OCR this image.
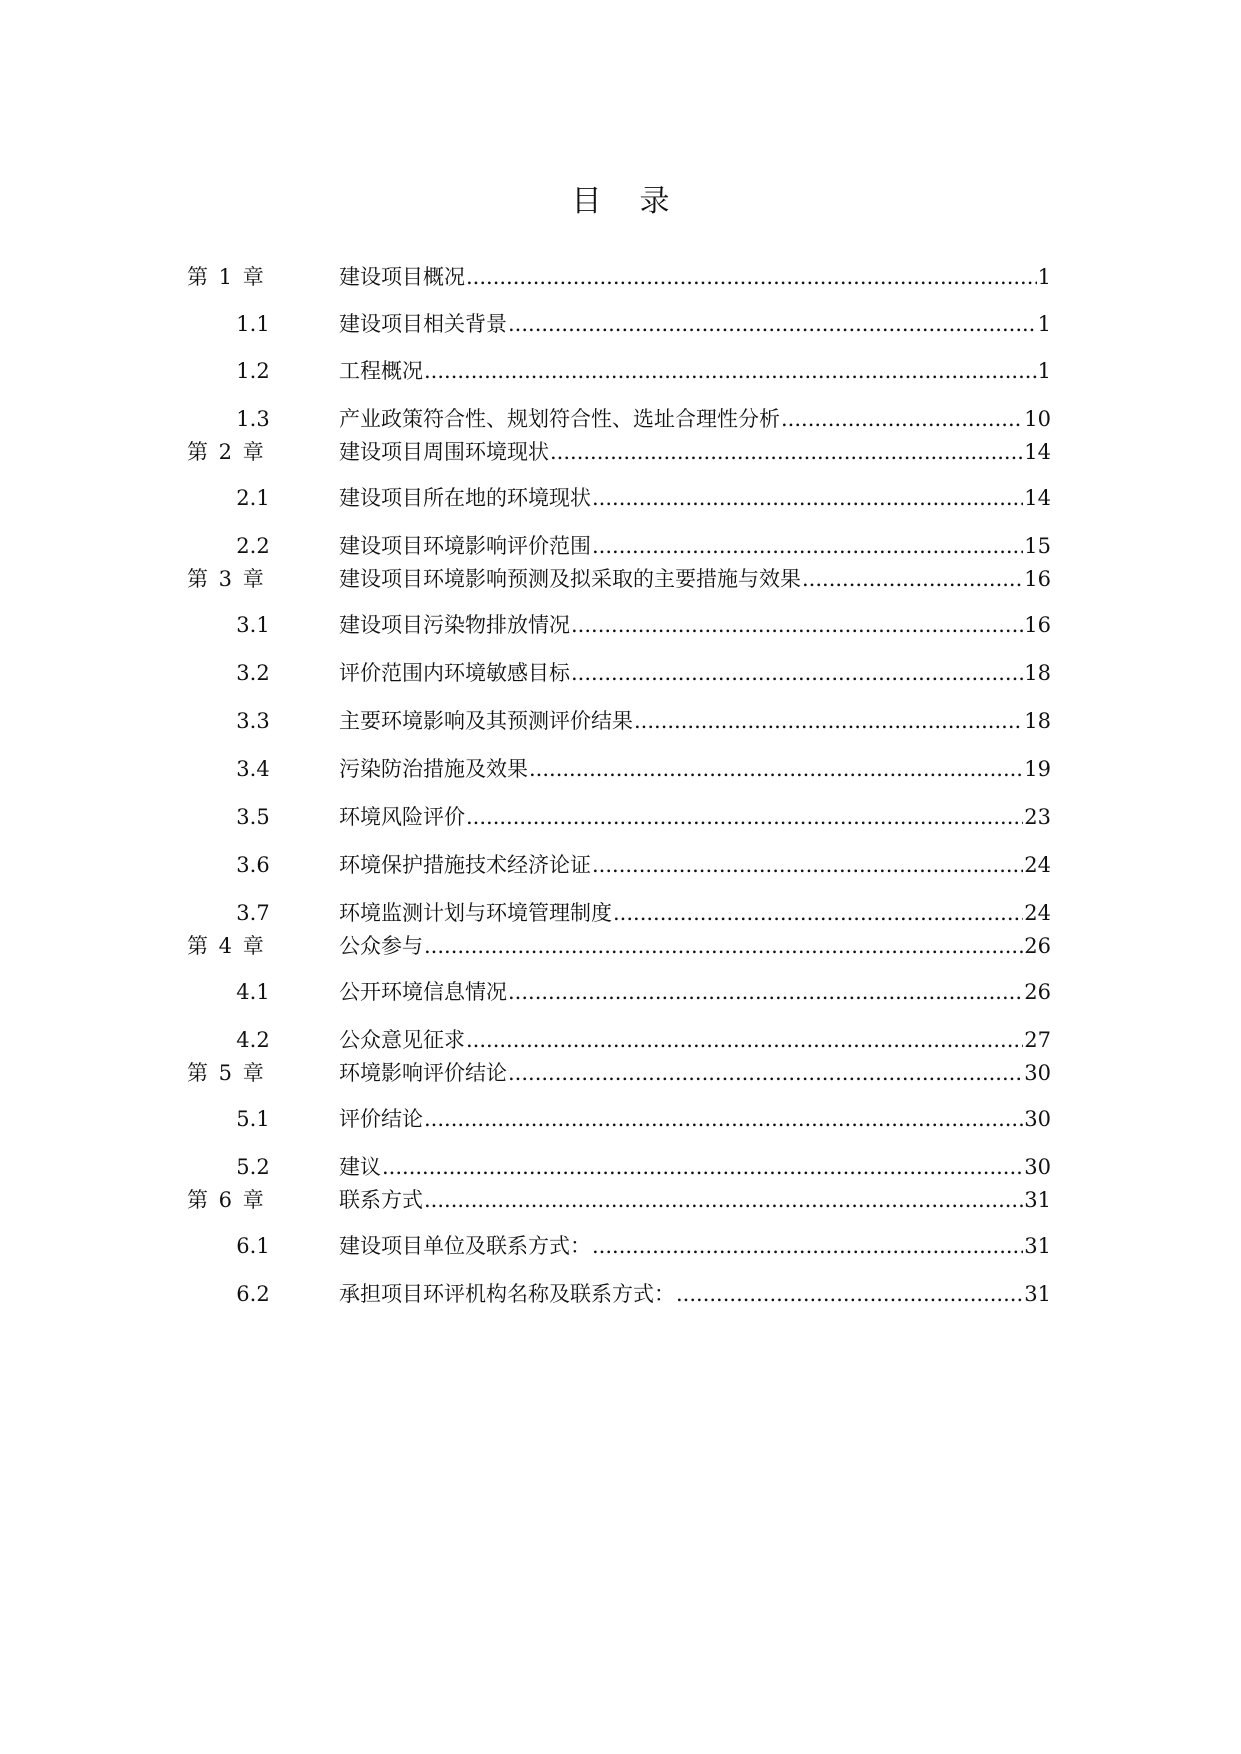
目录
第 1 章	建设项目概况 .....	1
1.1	建设项目相关背景 .....	1
1.2	工程概况 .....	1
1.3	产业政策符合性、规划符合性、选址合理性分析 .....	10
第 2 章	建设项目周围环境现状 .....	14
2.1	建设项目所在地的环境现状 .....	14
2.2	建设项目环境影响评价范围 .....	15
第 3 章	建设项目环境影响预测及拟采取的主要措施与效果 .....	16
3.1	建设项目污染物排放情况 .....	16
3.2	评价范围内环境敏感目标 .....	18
3.3	主要环境影响及其预测评价结果 .....	18
3.4	污染防治措施及效果 .....	19
3.5	环境风险评价 .....	23
3.6	环境保护措施技术经济论证 .....	24
3.7	环境监测计划与环境管理制度 .....	24
第 4 章	公众参与 .....	26
4.1	公开环境信息情况 .....	26
4.2	公众意见征求 .....	27
第 5 章	环境影响评价结论 .....	30
5.1	评价结论 .....	30
5.2	建议 .....	30
第 6 章	联系方式 .....	31
6.1	建设项目单位及联系方式： .....	31
6.2	承担项目环评机构名称及联系方式： .....	31
